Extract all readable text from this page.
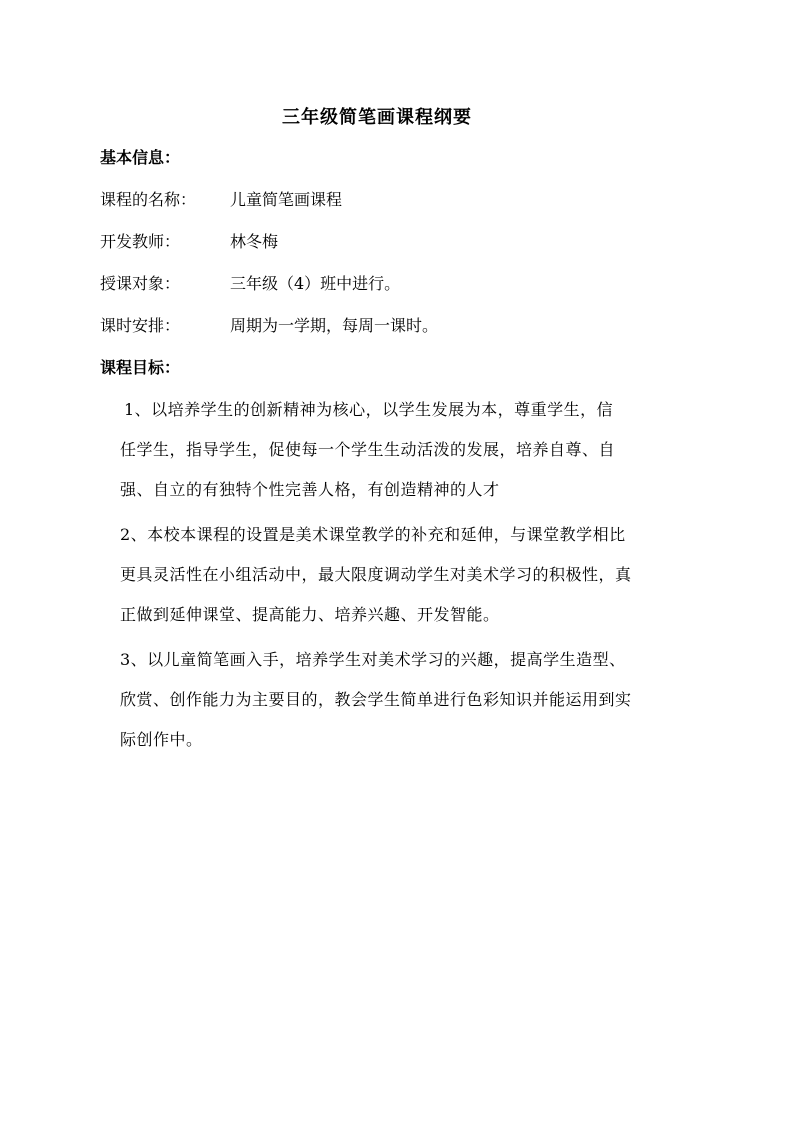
三年级简笔画课程纲要
基本信息：
课程的名称： 儿童简笔画课程
开发教师：	林冬梅
授课对象：	三年级（4）班中进行。
课时安排：	周期为一学期，每周一课时。
课程目标：
1、以培养学生的创新精神为核心，以学生发展为本，尊重学生，信
任学生，指导学生，促使每一个学生生动活泼的发展，培养自尊、自
强、自立的有独特个性完善人格，有创造精神的人才
2、本校本课程的设置是美术课堂教学的补充和延伸，与课堂教学相比
更具灵活性在小组活动中，最大限度调动学生对美术学习的积极性，真
正做到延伸课堂、提高能力、培养兴趣、开发智能。
3、以儿童简笔画入手，培养学生对美术学习的兴趣，提高学生造型、
欣赏、创作能力为主要目的，教会学生简单进行色彩知识并能运用到实
际创作中。
